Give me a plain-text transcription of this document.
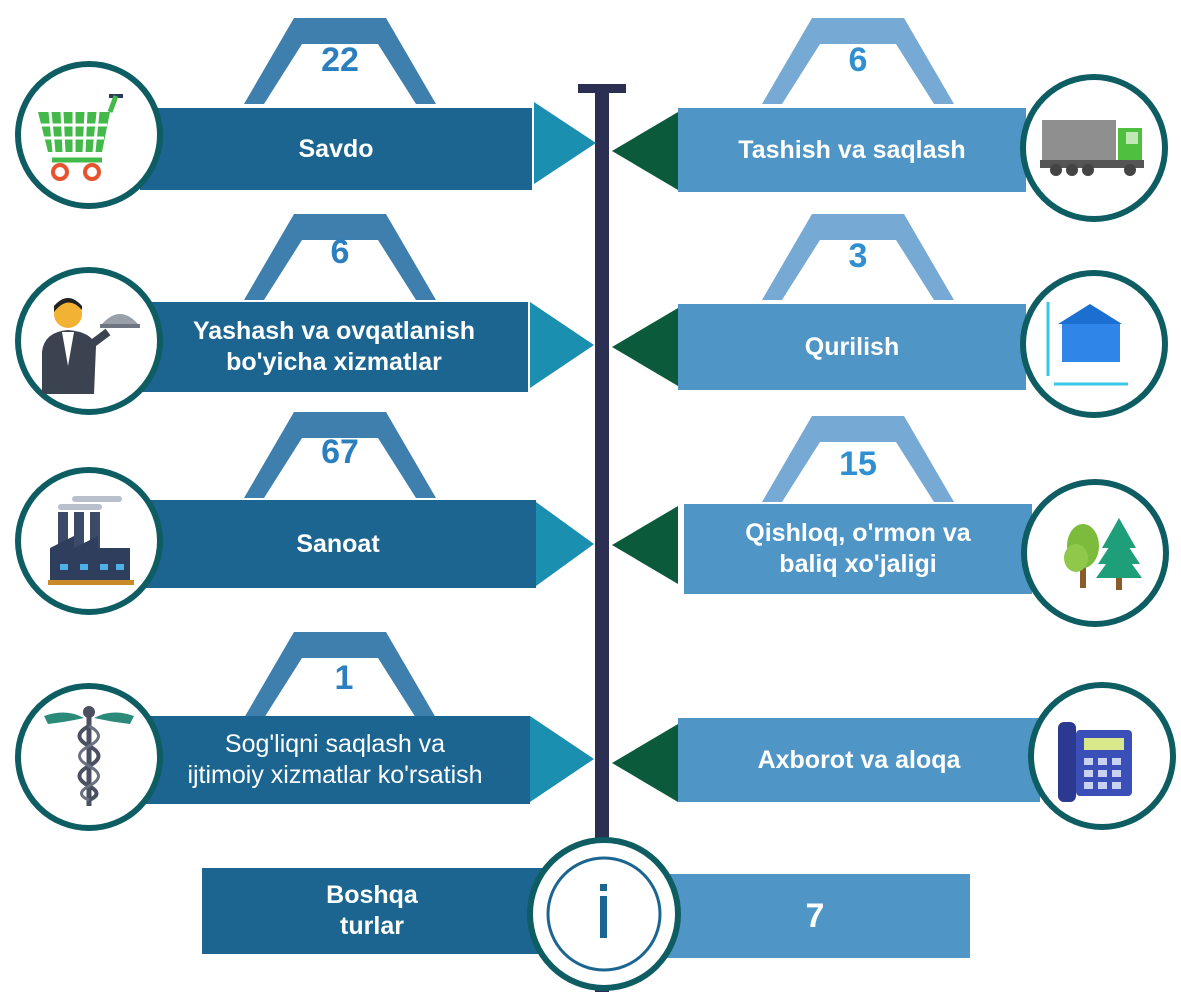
22
Savdo
6
Tashish va saqlash
6
Yashash va ovqatlanish
bo'yicha xizmatlar
3
Qurilish
67
Sanoat
15
Qishloq, o'rmon va
baliq xo'jaligi
1
Sog'liqni saqlash va
ijtimoiy xizmatlar ko'rsatish
Axborot va aloqa
Boshqa
turlar	7
